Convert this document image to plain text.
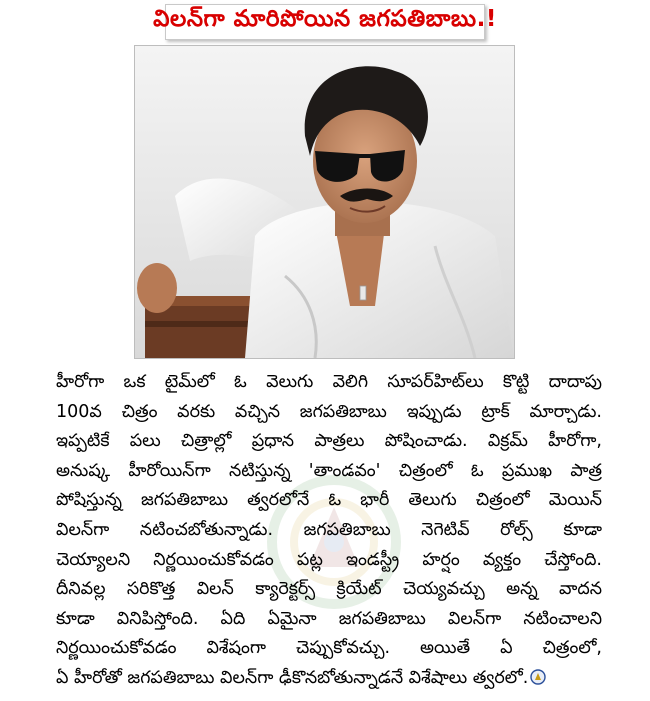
విలన్‌గా మారిపోయిన జగపతిబాబు.!
హీరోగా ఒక టైమ్‌లో ఓ వెలుగు వెలిగి సూపర్‌హిట్‌లు కొట్టి దాదాపు
100వ చిత్రం వరకు వచ్చిన జగపతిబాబు ఇప్పుడు ట్రాక్ మార్చాడు.
ఇప్పటికే పలు చిత్రాల్లో ప్రధాన పాత్రలు పోషించాడు. విక్రమ్ హీరోగా,
అనుష్క హీరోయిన్‌గా నటిస్తున్న 'తాండవం' చిత్రంలో ఓ ప్రముఖ పాత్ర
పోషిస్తున్న జగపతిబాబు త్వరలోనే ఓ భారీ తెలుగు చిత్రంలో మెయిన్
విలన్‌గా నటించబోతున్నాడు. జగపతిబాబు నెగెటివ్ రోల్స్ కూడా
చెయ్యాలని నిర్ణయించుకోవడం పట్ల ఇండస్ట్రీ హర్షం వ్యక్తం చేస్తోంది.
దీనివల్ల సరికొత్త విలన్ క్యారెక్టర్స్ క్రియేట్ చెయ్యవచ్చు అన్న వాదన
కూడా వినిపిస్తోంది. ఏది ఏమైనా జగపతిబాబు విలన్‌గా నటించాలని
నిర్ణయించుకోవడం విశేషంగా చెప్పుకోవచ్చు. అయితే ఏ చిత్రంలో,
ఏ హీరోతో జగపతిబాబు విలన్‌గా ఢీకొనబోతున్నాడనే విశేషాలు త్వరలో.
